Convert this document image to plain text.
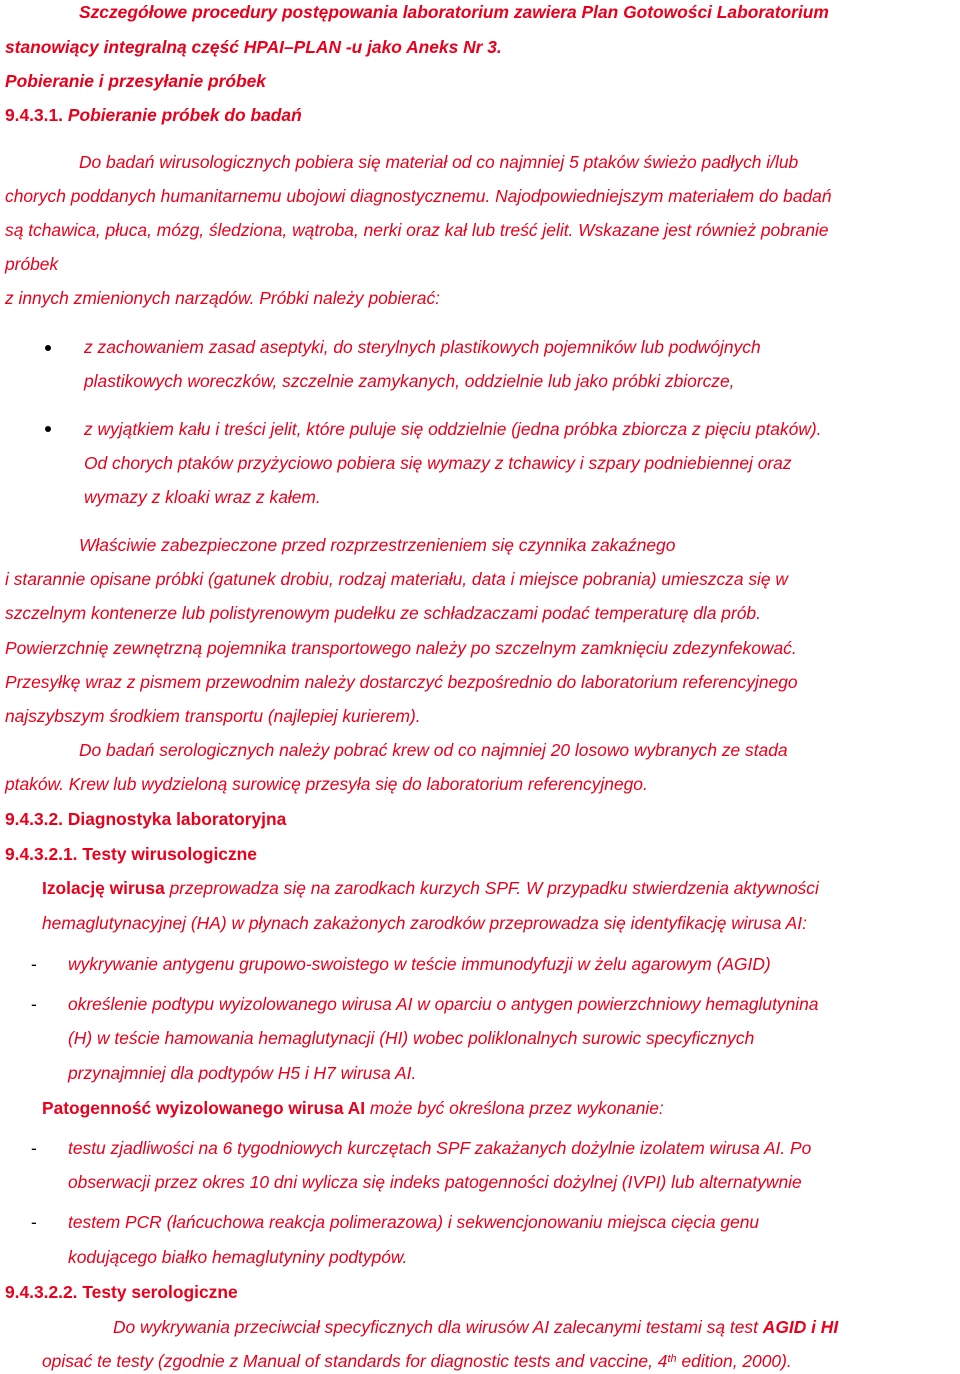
Szczegółowe procedury postępowania laboratorium zawiera Plan Gotowości Laboratorium
stanowiący integralną część HPAI–PLAN -u jako Aneks Nr 3.
Pobieranie i przesyłanie próbek
9.4.3.1. Pobieranie próbek do badań
Do badań wirusologicznych pobiera się materiał od co najmniej 5 ptaków świeżo padłych i/lub
chorych poddanych humanitarnemu ubojowi diagnostycznemu. Najodpowiedniejszym materiałem do badań
są tchawica, płuca, mózg, śledziona, wątroba, nerki oraz kał lub treść jelit. Wskazane jest również pobranie
próbek
z innych zmienionych narządów. Próbki należy pobierać:
z zachowaniem zasad aseptyki, do sterylnych plastikowych pojemników lub podwójnych
plastikowych woreczków, szczelnie zamykanych, oddzielnie lub jako próbki zbiorcze,
z wyjątkiem kału i treści jelit, które puluje się oddzielnie (jedna próbka zbiorcza z pięciu ptaków).
Od chorych ptaków przyżyciowo pobiera się wymazy z tchawicy i szpary podniebiennej oraz
wymazy z kloaki wraz z kałem.
Właściwie zabezpieczone przed rozprzestrzenieniem się czynnika zakaźnego
i starannie opisane próbki (gatunek drobiu, rodzaj materiału, data i miejsce pobrania) umieszcza się w
szczelnym kontenerze lub polistyrenowym pudełku ze schładzaczami podać temperaturę dla prób.
Powierzchnię zewnętrzną pojemnika transportowego należy po szczelnym zamknięciu zdezynfekować.
Przesyłkę wraz z pismem przewodnim należy dostarczyć bezpośrednio do laboratorium referencyjnego
najszybszym środkiem transportu (najlepiej kurierem).
Do badań serologicznych należy pobrać krew od co najmniej 20 losowo wybranych ze stada
ptaków. Krew lub wydzieloną surowicę przesyła się do laboratorium referencyjnego.
9.4.3.2. Diagnostyka laboratoryjna
9.4.3.2.1. Testy wirusologiczne
Izolację wirusa przeprowadza się na zarodkach kurzych SPF. W przypadku stwierdzenia aktywności
hemaglutynacyjnej (HA) w płynach zakażonych zarodków przeprowadza się identyfikację wirusa AI:
- wykrywanie antygenu grupowo-swoistego w teście immunodyfuzji w żelu agarowym (AGID)
- określenie podtypu wyizolowanego wirusa AI w oparciu o antygen powierzchniowy hemaglutynina
(H) w teście hamowania hemaglutynacji (HI) wobec poliklonalnych surowic specyficznych
przynajmniej dla podtypów H5 i H7 wirusa AI.
Patogenność wyizolowanego wirusa AI może być określona przez wykonanie:
- testu zjadliwości na 6 tygodniowych kurczętach SPF zakażanych dożylnie izolatem wirusa AI. Po
obserwacji przez okres 10 dni wylicza się indeks patogenności dożylnej (IVPI) lub alternatywnie
- testem PCR (łańcuchowa reakcja polimerazowa) i sekwencjonowaniu miejsca cięcia genu
kodującego białko hemaglutyniny podtypów.
9.4.3.2.2. Testy serologiczne
Do wykrywania przeciwciał specyficznych dla wirusów AI zalecanymi testami są test AGID i HI
opisać te testy (zgodnie z Manual of standards for diagnostic tests and vaccine, 4th edition, 2000).
